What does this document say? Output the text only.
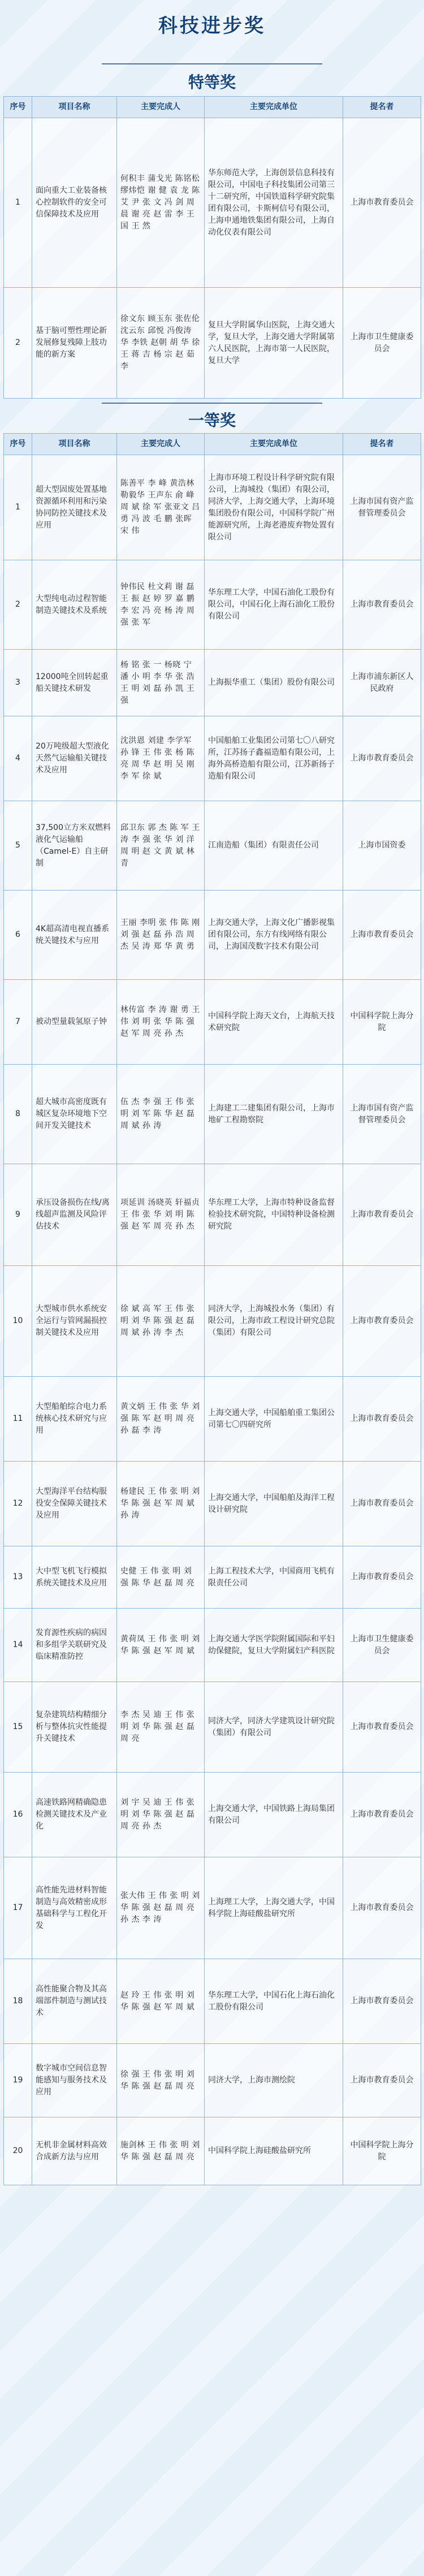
科技进步奖
特等奖
序号	项目名称	主要完成人	主要完成单位	提名者
1	面向重大工业装备核心控制软件的安全可信保障技术及应用	何积丰 蒲戈光 陈铭松 缪炜恺 谢 健 袁 龙 陈艾 尹 张 文 冯 剑 周晨 谢 亮 赵 雷 李 王 国 王 然	华东师范大学，上海创景信息科技有限公司，中国电子科技集团公司第三十二研究所，中国铁道科学研究院集团有限公司，卡斯柯信号有限公司，上海申通地铁集团有限公司，上海自动化仪表有限公司	上海市教育委员会
2	基于脑可塑性理论新发展修复残障上肢功能的新方案	徐文东 顾玉东 张佐伦 沈云东 邱悦 冯俊涛 华 李铁 赵朝 胡 华 徐 王 蒋 吉 杨 宗 赵 茹 李	复旦大学附属华山医院，上海交通大学，复旦大学，上海交通大学附属第六人民医院，上海市第一人民医院，复旦大学	上海市卫生健康委员会
一等奖
序号	项目名称	主要完成人	主要完成单位	提名者
1	超大型固废处置基地资源循环利用和污染协同防控关键技术及应用	陈善平 李 峰 黄浩林 勒毅华 王声东 俞 峰 周 斌 徐 军 张亚文 吕 勇 冯 波 毛 鹏 张晖 宋 伟	上海市环境工程设计科学研究院有限公司，上海城投（集团）有限公司，同济大学，上海交通大学，上海环境集团股份有限公司，中国科学院广州能源研究所，上海老港废弃物处置有限公司	上海市国有资产监督管理委员会
2	大型纯电动过程智能制造关键技术及系统	钟伟民 杜文莉 谢 磊 王 振 赵 婷 罗 嘉 鹏 李 宏 冯 亮 杨 涛 周 强 张 军	华东理工大学，中国石油化工股份有限公司，中国石化上海石油化工股份有限公司	上海市教育委员会
3	12000吨全回转起重船关键技术研发	杨 铭 张 一 杨晓 宁 潘 小 明 李 华 张 浩 王 明 刘 磊 孙 凯 王 强	上海振华重工（集团）股份有限公司	上海市浦东新区人民政府
4	20万吨级超大型液化天然气运输船关键技术及应用	沈洪恩 刘建 李学军 孙 锋 王 伟 张 杨 陈 亮 周 华 赵 明 吴 刚 李 军 徐 斌	中国船舶工业集团公司第七〇八研究所，江苏扬子鑫福造船有限公司，上海外高桥造船有限公司，江苏新扬子造船有限公司	上海市教育委员会
5	37,500立方米双燃料液化气运输船（Camel-E）自主研制	邱卫东 郭 杰 陈 军 王 涛 李 强 张 华 刘 洋 周 明 赵 文 黄 斌 林 青	江南造船（集团）有限责任公司	上海市国资委
6	4K超高清电视直播系统关键技术与应用	王丽 李明 张 伟 陈 刚 刘 强 赵 磊 孙 浩 周 杰 吴 涛 郑 华 黄 勇	上海交通大学，上海文化广播影视集团有限公司，东方有线网络有限公司，上海国茂数字技术有限公司	上海市教育委员会
7	被动型量载氢原子钟	林传富 李 涛 谢 勇 王 伟 刘 明 张 华 陈 强 赵 军 周 亮 孙 杰	中国科学院上海天文台，上海航天技术研究院	中国科学院上海分院
8	超大城市高密度既有城区复杂环境地下空间开发关键技术	伍 杰 李 强 王 伟 张 明 刘 军 陈 华 赵 磊 周 斌 孙 涛	上海建工二建集团有限公司，上海市地矿工程勘察院	上海市国有资产监督管理委员会
9	承压设备损伤在线/离线超声监测及风险评估技术	项延训 汤晓英 轩福贞 王 伟 张 华 刘 明 陈 强 赵 军 周 亮 孙 杰	华东理工大学，上海市特种设备监督检验技术研究院，中国特种设备检测研究院	上海市教育委员会
10	大型城市供水系统安全运行与管网漏损控制关键技术及应用	徐 斌 高 军 王 伟 张 明 刘 华 陈 强 赵 磊 周 斌 孙 涛 李 杰	同济大学，上海城投水务（集团）有限公司，上海市政工程设计研究总院（集团）有限公司	上海市教育委员会
11	大型船舶综合电力系统核心技术研究与应用	黄文炳 王 伟 张 华 刘 强 陈 军 赵 明 周 亮 孙 磊 李 涛	上海交通大学，中国船舶重工集团公司第七〇四研究所	上海市教育委员会
12	大型海洋平台结构服役安全保障关键技术及应用	杨建民 王 伟 张 明 刘 华 陈 强 赵 军 周 斌 孙 涛	上海交通大学，中国船舶及海洋工程设计研究院	上海市教育委员会
13	大中型飞机飞行模拟系统关键技术及应用	史健 王 伟 张 明 刘 强 陈 华 赵 磊 周 亮	上海工程技术大学，中国商用飞机有限责任公司	上海市教育委员会
14	发育源性疾病的病因和多组学关联研究及临床精准防控	黄荷凤 王 伟 张 明 刘 华 陈 强 赵 军 周 斌	上海交通大学医学院附属国际和平妇幼保健院，复旦大学附属妇产科医院	上海市卫生健康委员会
15	复杂建筑结构精细分析与整体抗灾性能提升关键技术	李 杰 吴 迪 王 伟 张 明 刘 华 陈 强 赵 磊 周 亮	同济大学，同济大学建筑设计研究院（集团）有限公司	上海市教育委员会
16	高速铁路网精确隐患检测关键技术及产业化	刘 宇 吴 迪 王 伟 张 明 刘 华 陈 强 赵 磊 周 亮 孙 杰	上海交通大学，中国铁路上海局集团有限公司	上海市教育委员会
17	高性能先进材料智能制造与高效精密成形基础科学与工程化开发	张大伟 王 伟 张 明 刘 华 陈 强 赵 磊 周 亮 孙 杰 李 涛	上海理工大学，上海交通大学，中国科学院上海硅酸盐研究所	上海市教育委员会
18	高性能聚合物及其高端部件制造与测试技术	赵 玲 王 伟 张 明 刘 华 陈 强 赵 军 周 斌	华东理工大学，中国石化上海石油化工股份有限公司	上海市教育委员会
19	数字城市空间信息智能感知与服务技术及应用	徐 强 王 伟 张 明 刘 华 陈 强 赵 磊 周 亮	同济大学，上海市测绘院	上海市教育委员会
20	无机非金属材料高效合成新方法与应用	施剑林 王 伟 张 明 刘 华 陈 强 赵 磊 周 亮	中国科学院上海硅酸盐研究所	中国科学院上海分院
